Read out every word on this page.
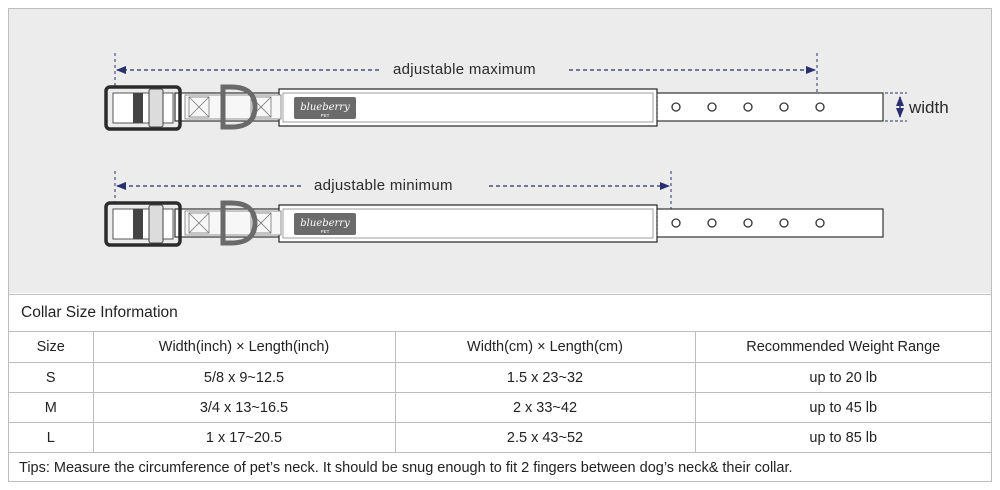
blueberry
PET
blueberry
PET
adjustable maximum
adjustable minimum
width
Collar Size Information
Size	Width(inch) × Length(inch)	Width(cm) × Length(cm)	Recommended Weight Range
S	5/8 x 9~12.5	1.5 x 23~32	up to 20 lb
M	3/4 x 13~16.5	2 x 33~42	up to 45 lb
L	1 x 17~20.5	2.5 x 43~52	up to 85 lb
Tips: Measure the circumference of pet’s neck. It should be snug enough to fit 2 fingers between dog’s neck& their collar.
